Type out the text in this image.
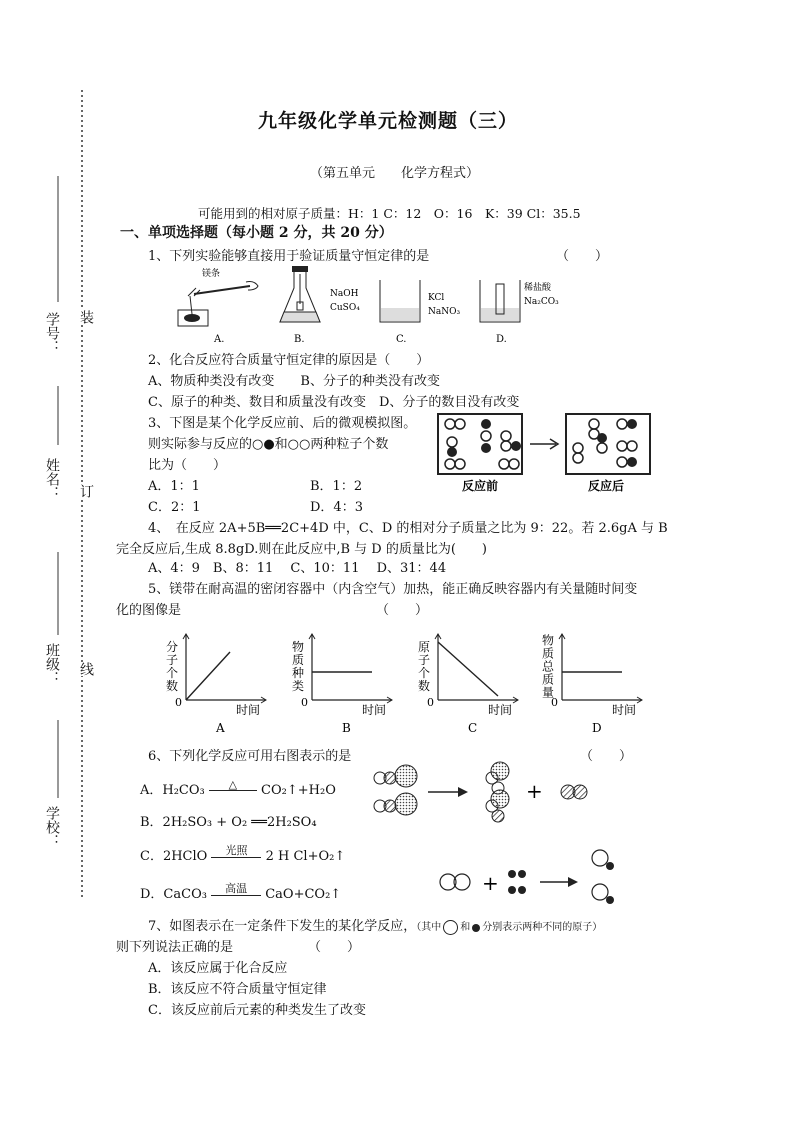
学号：
姓名：
班级：
学校：
装
订
线
九年级化学单元检测题（三）
（第五单元　　化学方程式）
可能用到的相对原子质量：H：1 C：12　O：16　K：39 Cl：35.5
一、单项选择题（每小题 2 分，共 20 分）
1、下列实验能够直接用于验证质量守恒定律的是	（　　）
镁条
A.
NaOH
CuSO₄
B.
KCl
NaNO₃
C.
稀盐酸
Na₂CO₃
D.
2、化合反应符合质量守恒定律的原因是（　　）
A、物质种类没有改变　　B、分子的种类没有改变
C、原子的种类、数目和质量没有改变　D、分子的数目没有改变
3、下图是某个化学反应前、后的微观模拟图。
则实际参与反应的○●和○○两种粒子个数
比为（　　）
A．1：1	B．1：2
C．2：1	D．4：3
反应前	反应后
4、　在反应 2A+5B══2C+4D 中，C、D 的相对分子质量之比为 9：22。若 2.6gA 与 B
完全反应后,生成 8.8gD.则在此反应中,B 与 D 的质量比为(　　)
A、4：9　B、8：11　 C、10：11　 D、31：44
5、镁带在耐高温的密闭容器中（内含空气）加热，能正确反映容器内有关量随时间变
化的图像是	（　　）
分
子
个
数
0
时间
A
物
质
种
类
0
时间
B
原
子
个
数
0
时间
C
物
质
总
质
量
0
时间
D
6、下列化学反应可用右图表示的是	（　　）
A．H₂CO₃ △ CO₂↑+H₂O
B．2H₂SO₃ + O₂ ══2H₂SO₄
C．2HClO 光照 2 H Cl+O₂↑
D．CaCO₃ 高温 CaO+CO₂↑
+
+
7、如图表示在一定条件下发生的某化学反应，（其中 和 分别表示两种不同的原子）
则下列说法正确的是	（　　）
A．该反应属于化合反应
B．该反应不符合质量守恒定律
C．该反应前后元素的种类发生了改变
